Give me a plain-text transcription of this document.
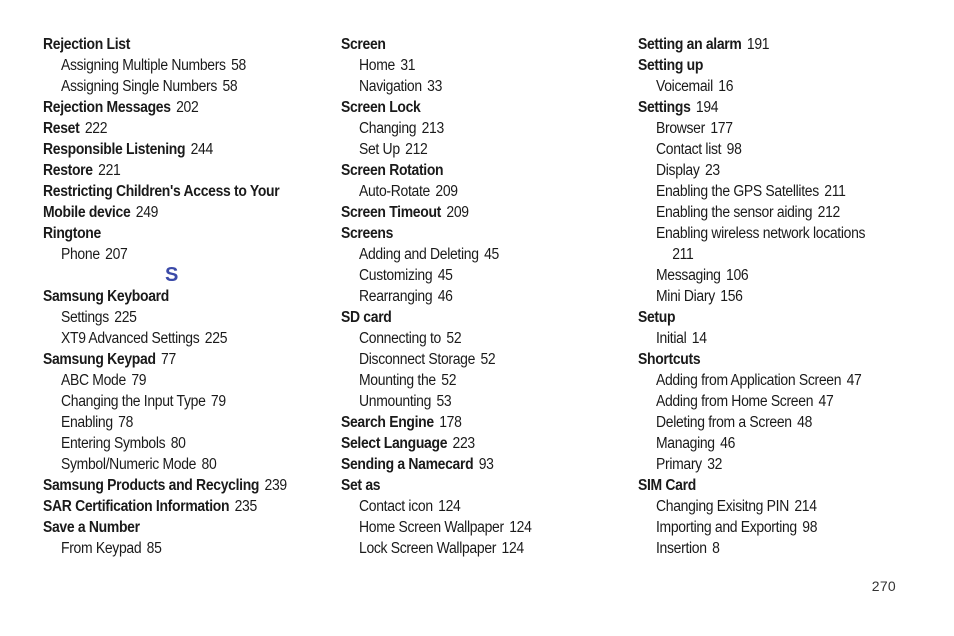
Rejection List
Assigning Multiple Numbers 58
Assigning Single Numbers 58
Rejection Messages 202
Reset 222
Responsible Listening 244
Restore 221
Restricting Children's Access to Your
Mobile device 249
Ringtone
Phone 207
S
Samsung Keyboard
Settings 225
XT9 Advanced Settings 225
Samsung Keypad 77
ABC Mode 79
Changing the Input Type 79
Enabling 78
Entering Symbols 80
Symbol/Numeric Mode 80
Samsung Products and Recycling 239
SAR Certification Information 235
Save a Number
From Keypad 85
Screen
Home 31
Navigation 33
Screen Lock
Changing 213
Set Up 212
Screen Rotation
Auto-Rotate 209
Screen Timeout 209
Screens
Adding and Deleting 45
Customizing 45
Rearranging 46
SD card
Connecting to 52
Disconnect Storage 52
Mounting the 52
Unmounting 53
Search Engine 178
Select Language 223
Sending a Namecard 93
Set as
Contact icon 124
Home Screen Wallpaper 124
Lock Screen Wallpaper 124
Setting an alarm 191
Setting up
Voicemail 16
Settings 194
Browser 177
Contact list 98
Display 23
Enabling the GPS Satellites 211
Enabling the sensor aiding 212
Enabling wireless network locations
211
Messaging 106
Mini Diary 156
Setup
Initial 14
Shortcuts
Adding from Application Screen 47
Adding from Home Screen 47
Deleting from a Screen 48
Managing 46
Primary 32
SIM Card
Changing Exisitng PIN 214
Importing and Exporting 98
Insertion 8
270
